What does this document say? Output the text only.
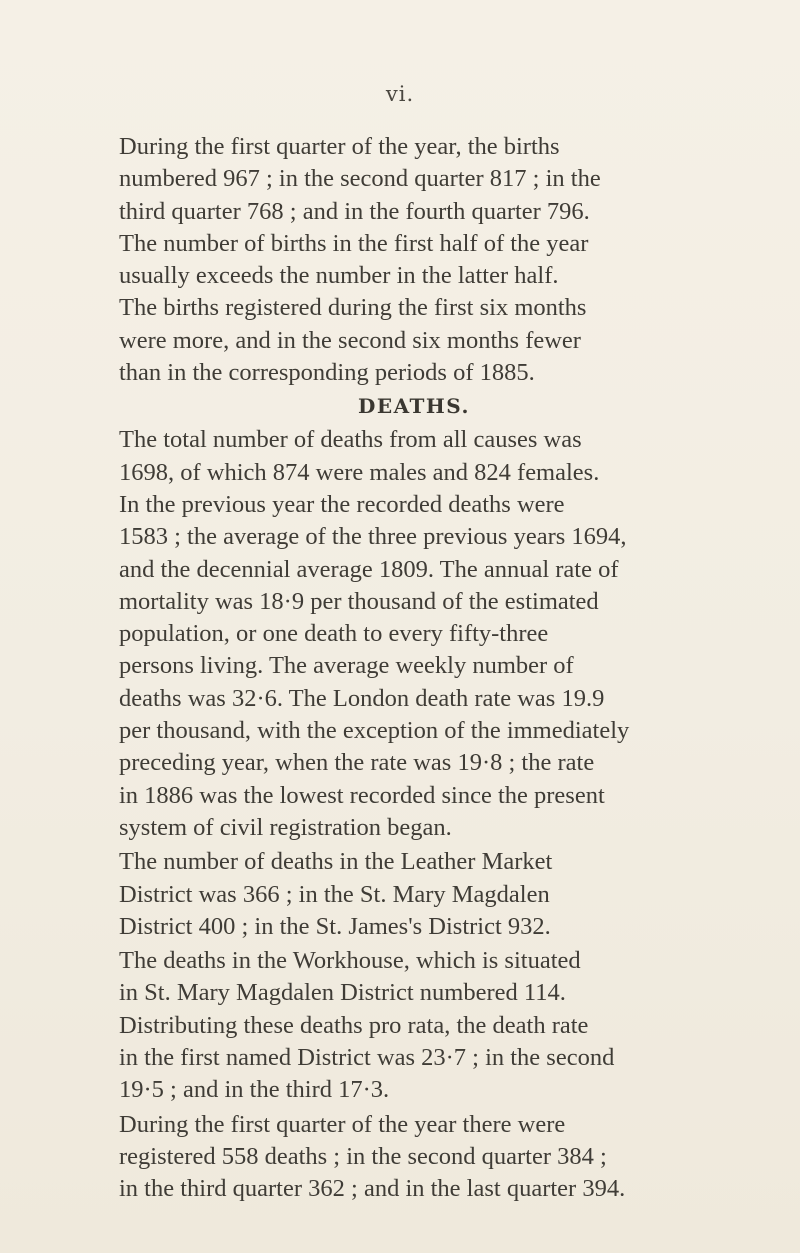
vi.

During the first quarter of the year, the births
numbered 967 ; in the second quarter 817 ; in the
third quarter 768 ; and in the fourth quarter 796.
The number of births in the first half of the year
usually exceeds the number in the latter half.
The births registered during the first six months
were more, and in the second six months fewer
than in the corresponding periods of 1885.

DEATHS.

The total number of deaths from all causes was
1698, of which 874 were males and 824 females.
In the previous year the recorded deaths were
1583 ; the average of the three previous years 1694,
and the decennial average 1809. The annual rate of
mortality was 18·9 per thousand of the estimated
population, or one death to every fifty-three
persons living. The average weekly number of
deaths was 32·6. The London death rate was 19.9
per thousand, with the exception of the immediately
preceding year, when the rate was 19·8 ; the rate
in 1886 was the lowest recorded since the present
system of civil registration began.

The number of deaths in the Leather Market
District was 366 ; in the St. Mary Magdalen
District 400 ; in the St. James's District 932.

The deaths in the Workhouse, which is situated
in St. Mary Magdalen District numbered 114.
Distributing these deaths pro rata, the death rate
in the first named District was 23·7 ; in the second
19·5 ; and in the third 17·3.

During the first quarter of the year there were
registered 558 deaths ; in the second quarter 384 ;
in the third quarter 362 ; and in the last quarter 394.
